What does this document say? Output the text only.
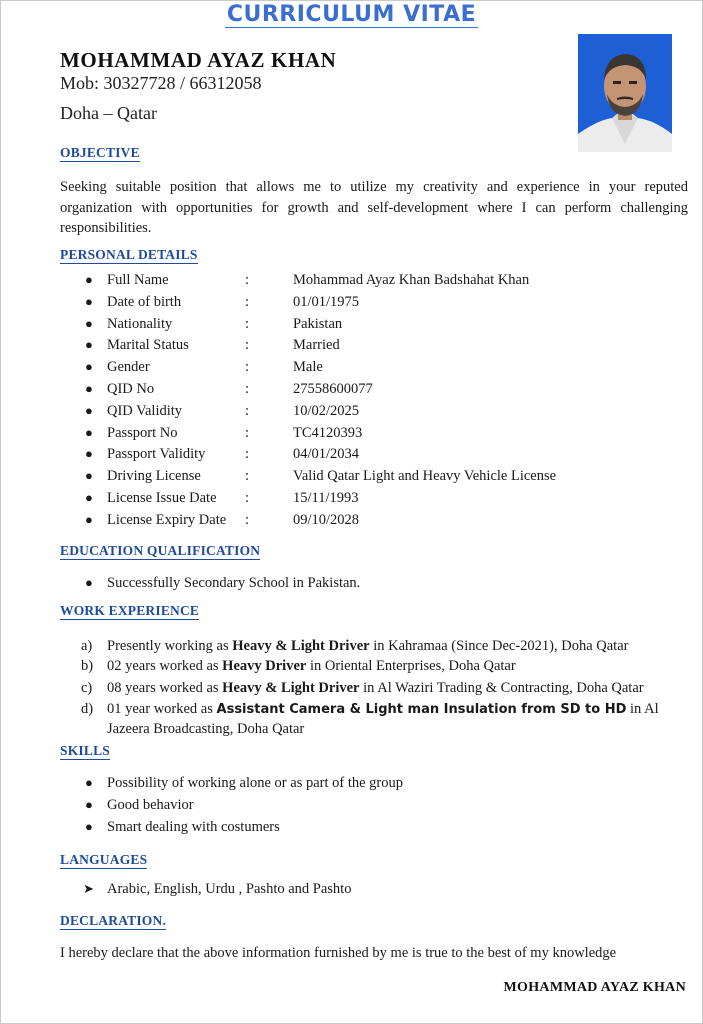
CURRICULUM VITAE
MOHAMMAD AYAZ KHAN
Mob: 30327728 / 66312058
Doha – Qatar
OBJECTIVE
Seeking suitable position that allows me to utilize my creativity and experience in your reputed
organization with opportunities for growth and self-development where I can perform challenging
responsibilities.
PERSONAL DETAILS
● Full Name	:	Mohammad Ayaz Khan Badshahat Khan
● Date of birth	:	01/01/1975
● Nationality	:	Pakistan
● Marital Status	:	Married
● Gender	:	Male
● QID No	:	27558600077
● QID Validity	:	10/02/2025
● Passport No	:	TC4120393
● Passport Validity	:	04/01/2034
● Driving License	:	Valid Qatar Light and Heavy Vehicle License
● License Issue Date :	15/11/1993
● License Expiry Date :	09/10/2028
EDUCATION QUALIFICATION
● Successfully Secondary School in Pakistan.
WORK EXPERIENCE
a) Presently working as Heavy & Light Driver in Kahramaa (Since Dec-2021), Doha Qatar
b) 02 years worked as Heavy Driver in Oriental Enterprises, Doha Qatar
c) 08 years worked as Heavy & Light Driver in Al Waziri Trading & Contracting, Doha Qatar
d) 01 year worked as Assistant Camera & Light man Insulation from SD to HD in Al
Jazeera Broadcasting, Doha Qatar
SKILLS
● Possibility of working alone or as part of the group
● Good behavior
● Smart dealing with costumers
LANGUAGES
➤ Arabic, English, Urdu , Pashto and Pashto
DECLARATION.
I hereby declare that the above information furnished by me is true to the best of my knowledge
MOHAMMAD AYAZ KHAN
